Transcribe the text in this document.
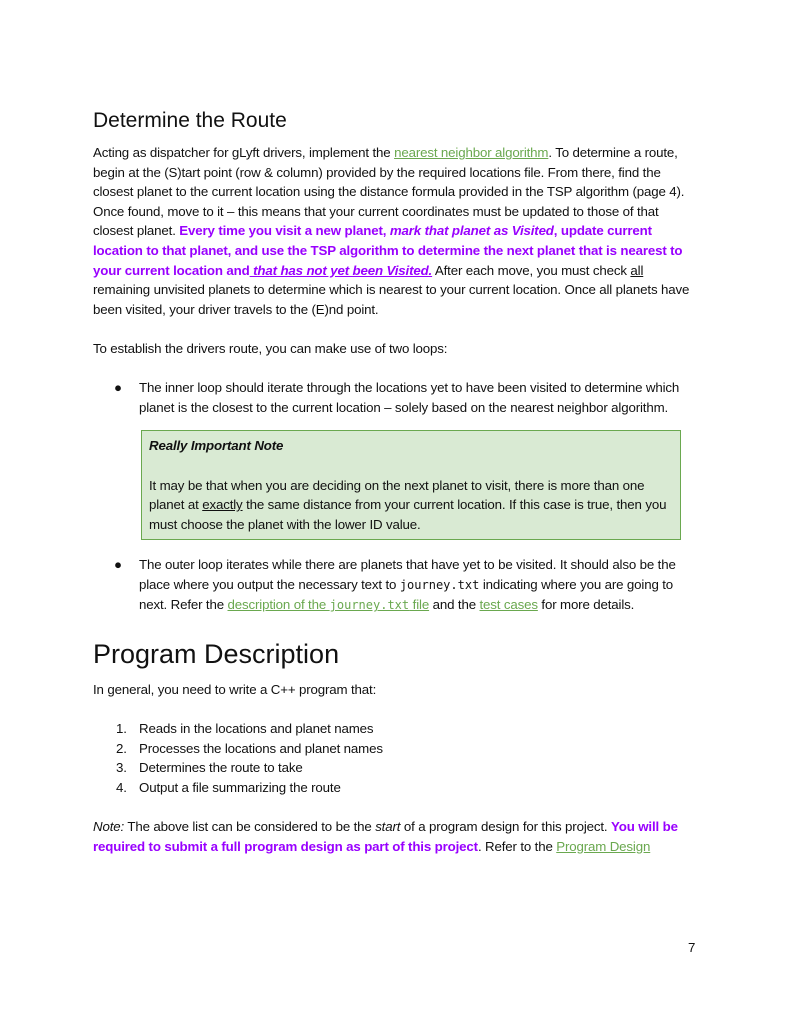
Determine the Route

Acting as dispatcher for gLyft drivers, implement the nearest neighbor algorithm. To determine a route, begin at the (S)tart point (row & column) provided by the required locations file. From there, find the closest planet to the current location using the distance formula provided in the TSP algorithm (page 4). Once found, move to it – this means that your current coordinates must be updated to those of that closest planet. Every time you visit a new planet, mark that planet as Visited, update current location to that planet, and use the TSP algorithm to determine the next planet that is nearest to your current location and that has not yet been Visited. After each move, you must check all remaining unvisited planets to determine which is nearest to your current location. Once all planets have been visited, your driver travels to the (E)nd point.

To establish the drivers route, you can make use of two loops:

● The inner loop should iterate through the locations yet to have been visited to determine which planet is the closest to the current location – solely based on the nearest neighbor algorithm.

Really Important Note

It may be that when you are deciding on the next planet to visit, there is more than one planet at exactly the same distance from your current location. If this case is true, then you must choose the planet with the lower ID value.

● The outer loop iterates while there are planets that have yet to be visited. It should also be the place where you output the necessary text to journey.txt indicating where you are going to next. Refer the description of the journey.txt file and the test cases for more details.
Program Description

In general, you need to write a C++ program that:

1. Reads in the locations and planet names
2. Processes the locations and planet names
3. Determines the route to take
4. Output a file summarizing the route

Note: The above list can be considered to be the start of a program design for this project. You will be required to submit a full program design as part of this project. Refer to the Program Design

7
